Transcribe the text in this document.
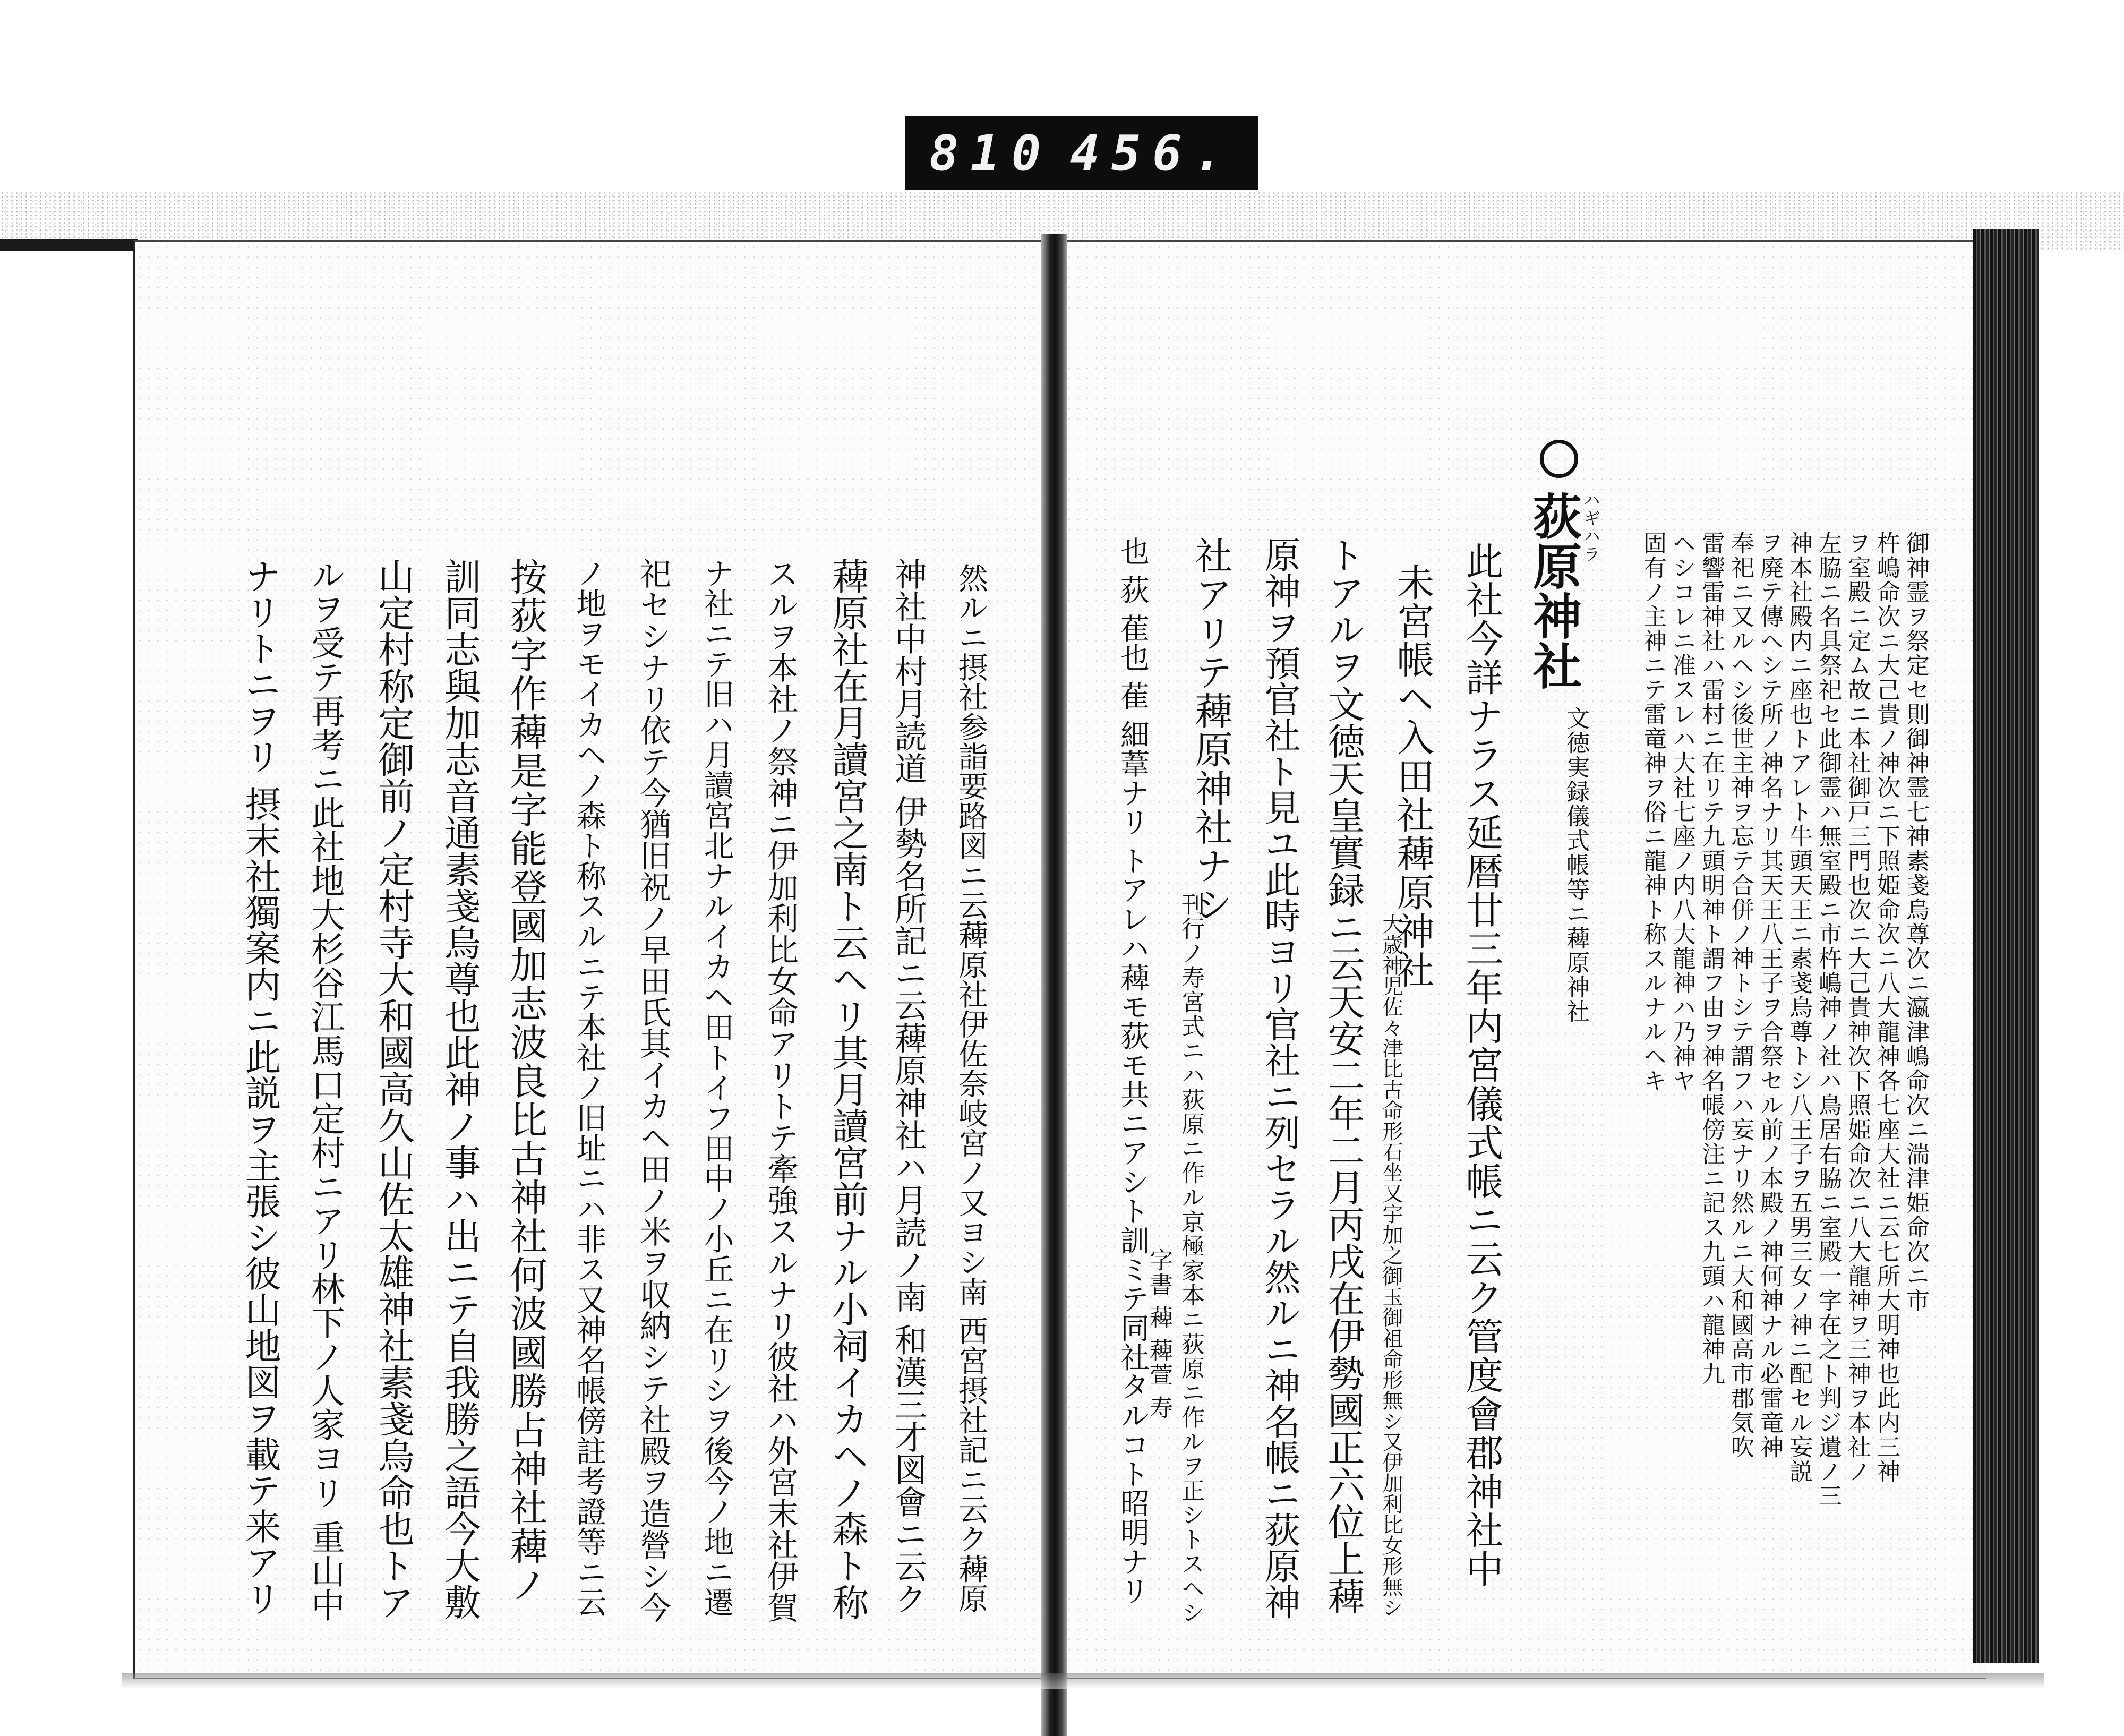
810 456.
御神霊ヲ祭定セ則御神霊七神素戔烏尊次ニ瀛津嶋命次ニ湍津姫命次ニ市
杵嶋命次ニ大己貴ノ神次ニ下照姫命次ニ八大龍神各七座大社ニ云七所大明神也此内三神
ヲ室殿ニ定ム故ニ本社御戸三門也次ニ大己貴神次下照姫命次ニ八大龍神ヲ三神ヲ本社ノ
左脇ニ名具祭祀セ此御霊ハ無室殿ニ市杵嶋神ノ社ハ鳥居右脇ニ室殿一字在之ト判ジ遺ノ三
神本社殿内ニ座也トアレト牛頭天王ニ素戔烏尊トシ八王子ヲ五男三女ノ神ニ配セル妄説
ヲ廃テ傳ヘシテ所ノ神名ナリ其天王八王子ヲ合祭セル前ノ本殿ノ神何神ナル必雷竜神
奉祀ニ又ルヘシ後世主神ヲ忘テ合併ノ神トシテ謂フハ妄ナリ然ルニ大和國高市郡気吹
雷響雷神社ハ雷村ニ在リテ九頭明神ト謂フ由ヲ神名帳傍注ニ記ス九頭ハ龍神九
ヘシコレニ准スレハ大社七座ノ内八大龍神ハ乃神ヤ
固有ノ主神ニテ雷竜神ヲ俗ニ龍神ト称スルナルヘキ
荻原神社
ハギハラ
文徳実録儀式帳等ニ薭原神社
此社今詳ナラス延暦廿三年内宮儀式帳ニ云ク管度會郡神社中
未宮帳ヘ入田社薭原神社
大歳神児佐々津比古命形石坐又宇加之御玉御祖命形無シ又伊加利比女形無シ
トアルヲ文徳天皇實録ニ云天安二年二月丙戌在伊勢國正六位上薭
原神ヲ預官社ト見ユ此時ヨリ官社ニ列セラル然ルニ神名帳ニ荻原神
社アリテ薭原神社ナシ
刊行ノ寿宮式ニハ荻原ニ作ル京極家本ニ荻原ニ作ルヲ正シトスヘシ
字書 薭 薭萱 寿
也 荻 萑也 萑 細葦ナリ トアレハ薭モ荻モ共ニアシト訓ミテ同社タルコト昭明ナリ
然ルニ摂社参詣要路図ニ云薭原社伊佐奈岐宮ノ又ヨシ南 西宮摂社記ニ云ク薭原
神社中村月読道 伊勢名所記ニ云薭原神社ハ月読ノ南 和漢三才図會ニ云ク
薭原社在月讀宮之南ト云ヘリ其月讀宮前ナル小祠イカヘノ森ト称
スルヲ本社ノ祭神ニ伊加利比女命アリトテ牽強スルナリ彼社ハ外宮末社伊賀
ナ社ニテ旧ハ月讀宮北ナルイカヘ田トイフ田中ノ小丘ニ在リシヲ後今ノ地ニ遷
祀セシナリ依テ今猶旧祝ノ早田氏其イカヘ田ノ米ヲ収納シテ社殿ヲ造營シ今
ノ地ヲモイカヘノ森ト称スルニテ本社ノ旧址ニハ非ス又神名帳傍註考證等ニ云
按荻字作薭是字能登國加志波良比古神社何波國勝占神社薭ノ
訓同志與加志音通素戔烏尊也此神ノ事ハ出ニテ自我勝之語今大敷
山定村称定御前ノ定村寺大和國高久山佐太雄神社素戔烏命也トア
ルヲ受テ再考ニ此社地大杉谷江馬口定村ニアリ林下ノ人家ヨリ 重山中
ナリトニヲリ 摂末社獨案内ニ此説ヲ主張シ彼山地図ヲ載テ来アリ
